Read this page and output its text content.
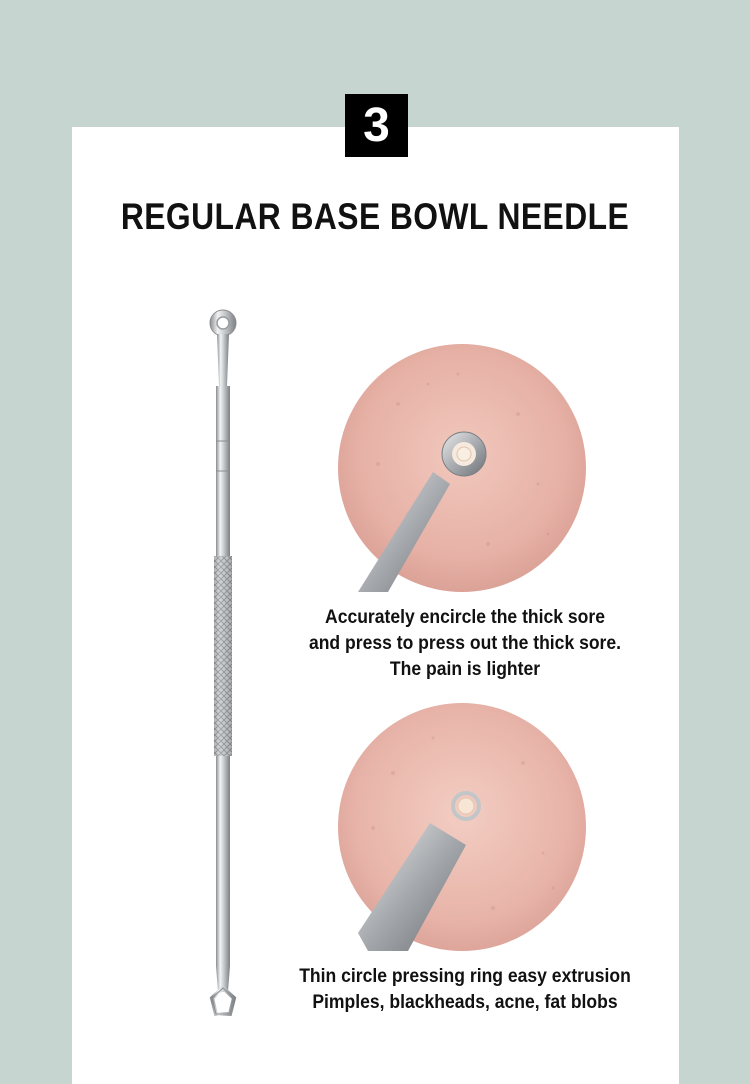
3
REGULAR BASE BOWL NEEDLE
Accurately encircle the thick sore
and press to press out the thick sore.
The pain is lighter
Thin circle pressing ring easy extrusion
Pimples, blackheads, acne, fat blobs
